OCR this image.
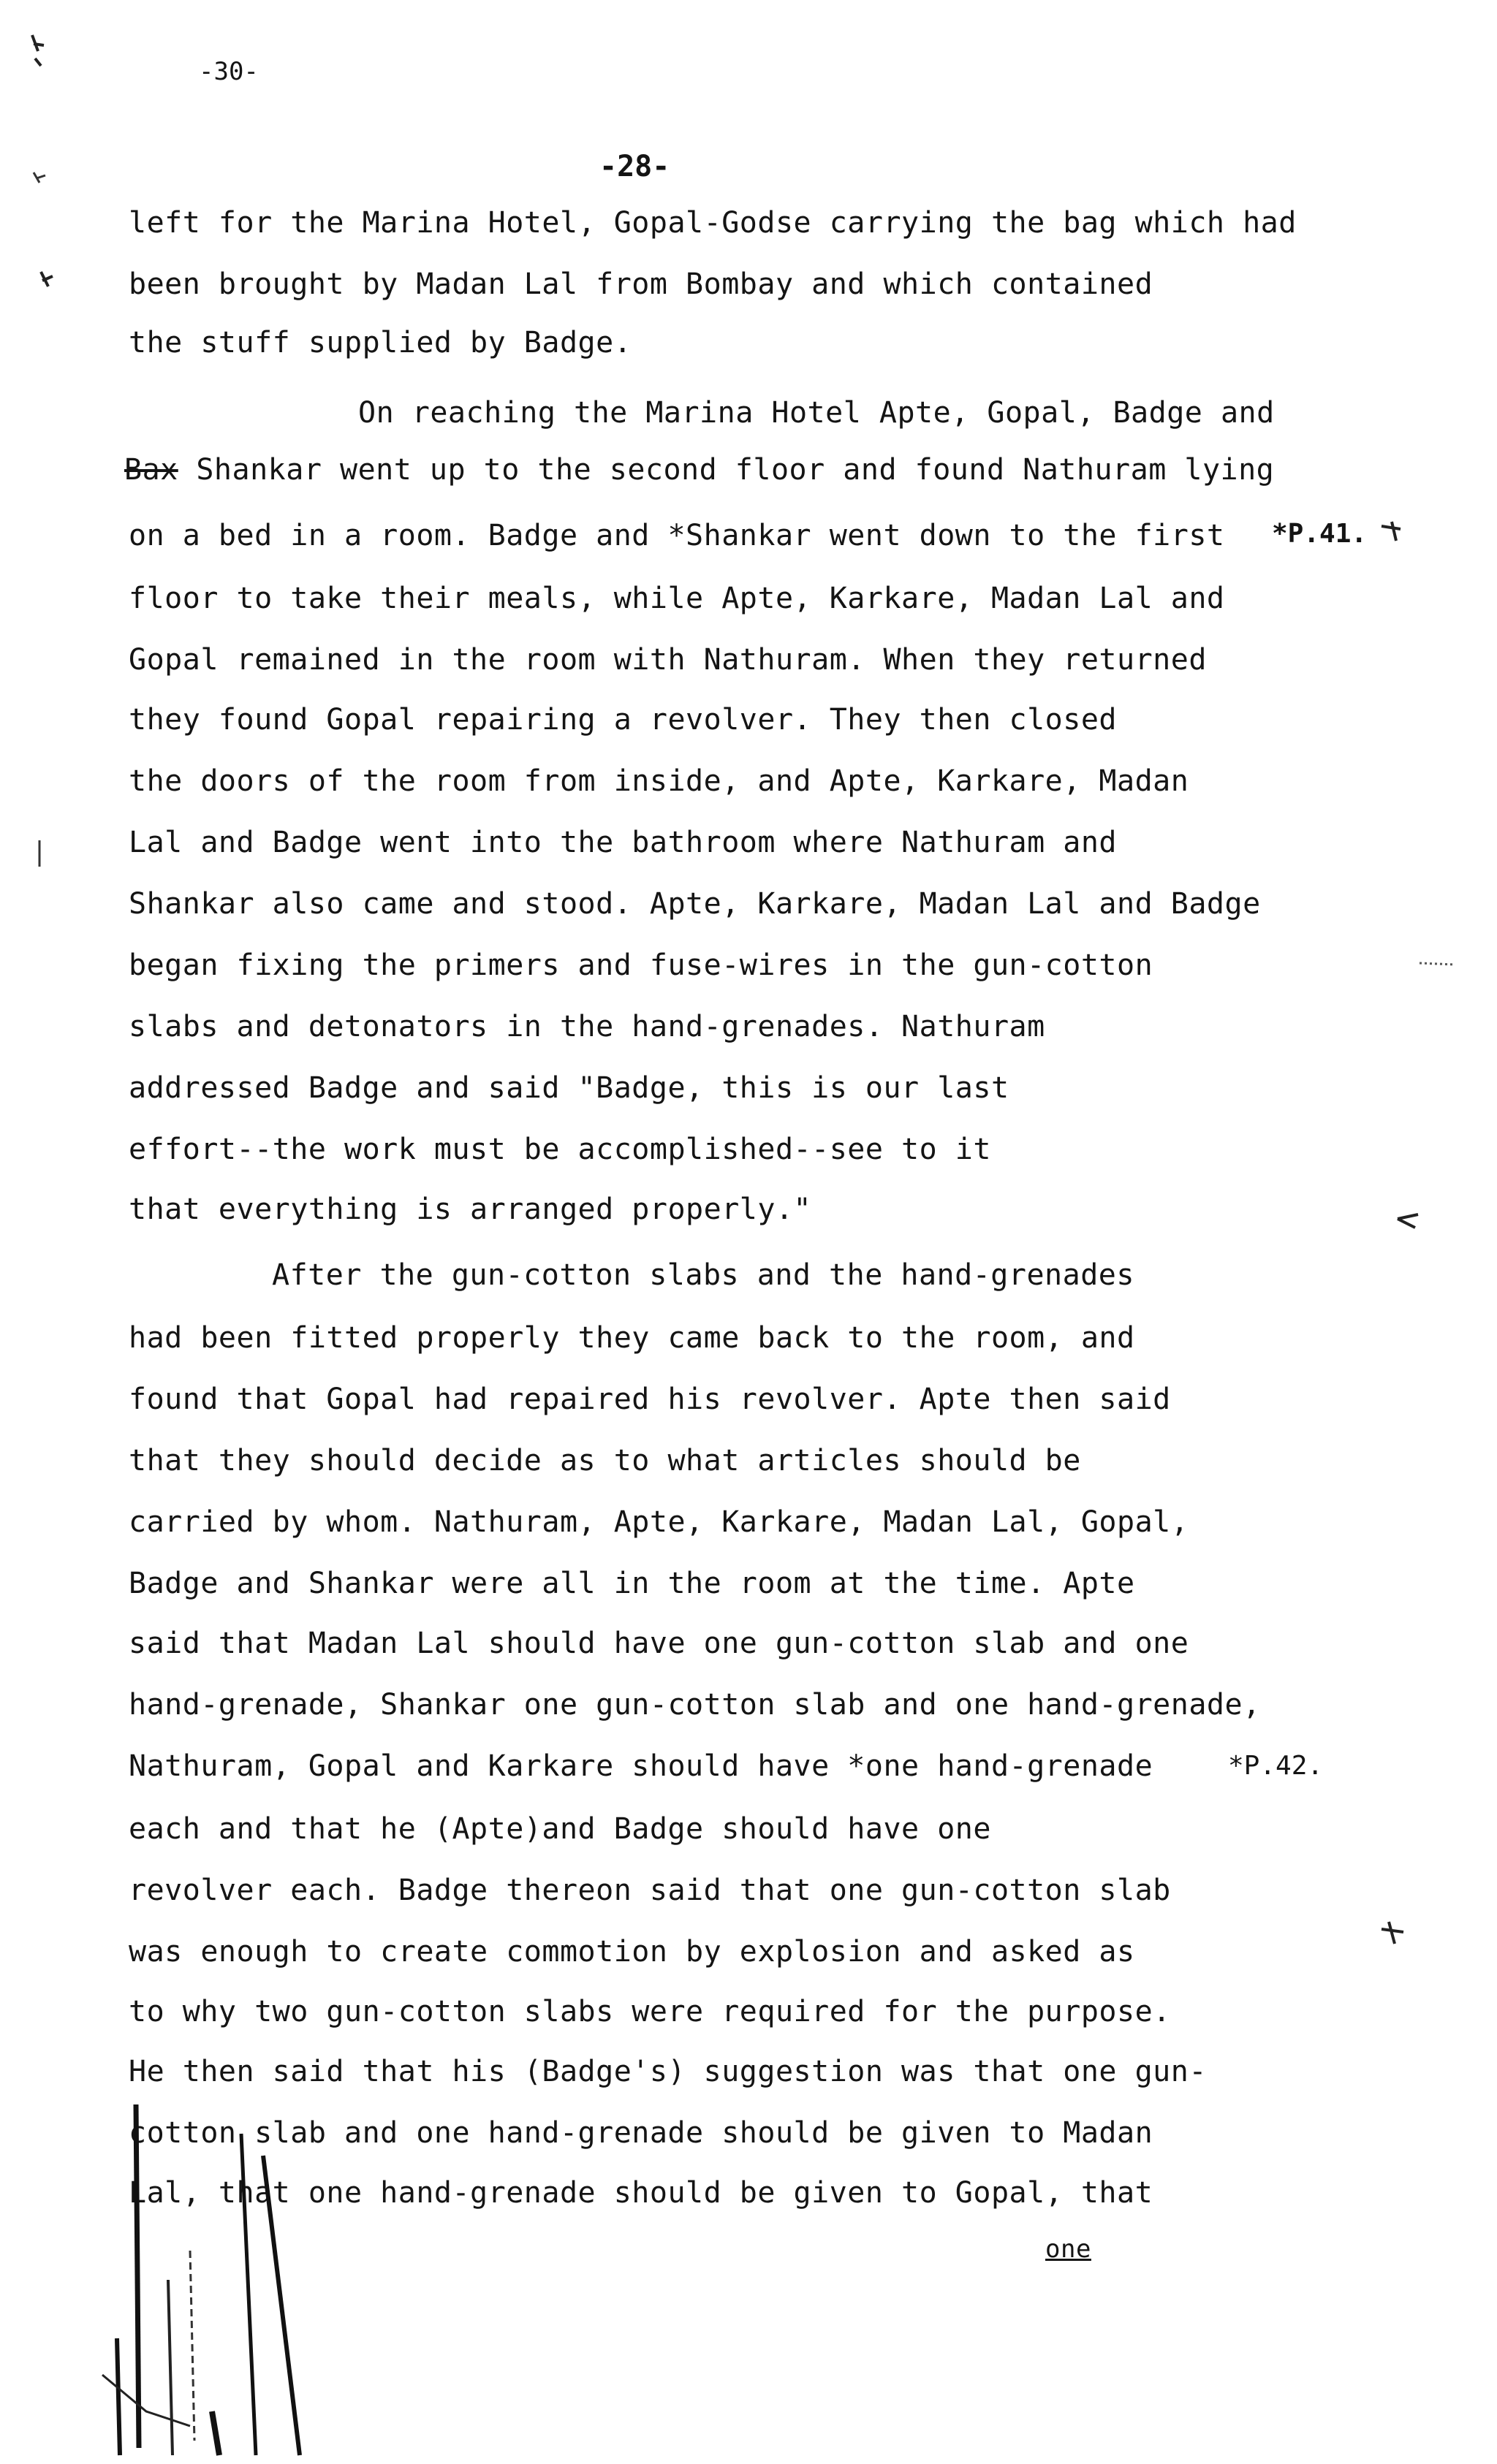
-30-
-28-
left for the Marina Hotel, Gopal-Godse carrying the bag which had
been brought by Madan Lal from Bombay and which contained
the stuff supplied by Badge.
On reaching the Marina Hotel Apte, Gopal, Badge and
Bax Shankar went up to the second floor and found Nathuram lying
on a bed in a room. Badge and *Shankar went down to the first
floor to take their meals, while Apte, Karkare, Madan Lal and
Gopal remained in the room with Nathuram. When they returned
they found Gopal repairing a revolver. They then closed
the doors of the room from inside, and Apte, Karkare, Madan
Lal and Badge went into the bathroom where Nathuram and
Shankar also came and stood. Apte, Karkare, Madan Lal and Badge
began fixing the primers and fuse-wires in the gun-cotton
slabs and detonators in the hand-grenades. Nathuram
addressed Badge and said "Badge, this is our last
effort--the work must be accomplished--see to it
that everything is arranged properly."
After the gun-cotton slabs and the hand-grenades
had been fitted properly they came back to the room, and
found that Gopal had repaired his revolver. Apte then said
that they should decide as to what articles should be
carried by whom. Nathuram, Apte, Karkare, Madan Lal, Gopal,
Badge and Shankar were all in the room at the time. Apte
said that Madan Lal should have one gun-cotton slab and one
hand-grenade, Shankar one gun-cotton slab and one hand-grenade,
Nathuram, Gopal and Karkare should have *one hand-grenade
each and that he (Apte)and Badge should have one
revolver each. Badge thereon said that one gun-cotton slab
was enough to create commotion by explosion and asked as
to why two gun-cotton slabs were required for the purpose.
He then said that his (Badge's) suggestion was that one gun-
cotton slab and one hand-grenade should be given to Madan
Lal, that one hand-grenade should be given to Gopal, that
one
*P.41.
*P.42.
